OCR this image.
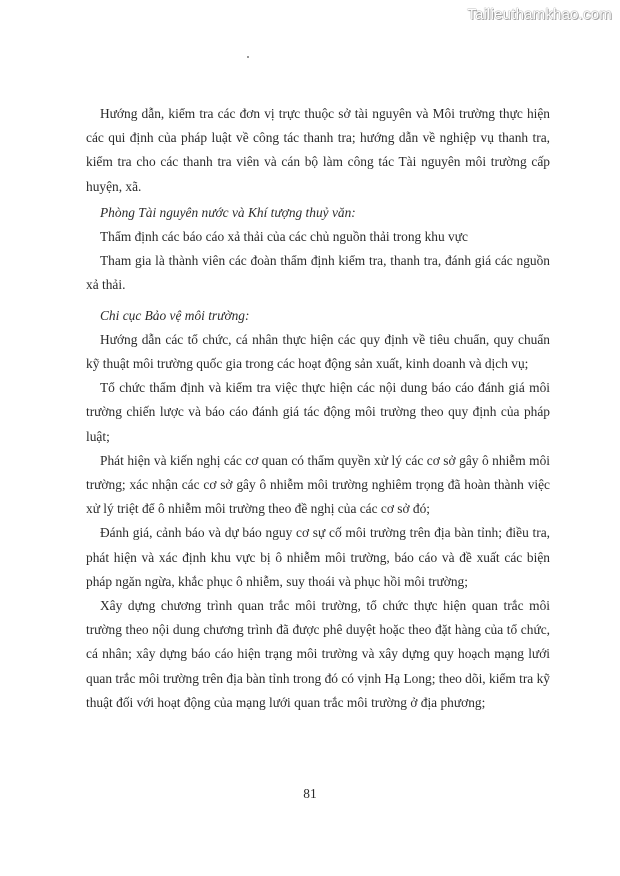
Tailieuthamkhao.com

Hướng dẫn, kiểm tra các đơn vị trực thuộc sở tài nguyên và Môi trường thực hiện các qui định của pháp luật về công tác thanh tra; hướng dẫn về nghiệp vụ thanh tra, kiểm tra cho các thanh tra viên và cán bộ làm công tác Tài nguyên môi trường cấp huyện, xã.

Phòng Tài nguyên nước và Khí tượng thuỷ văn:

Thẩm định các báo cáo xả thải của các chủ nguồn thải trong khu vực

Tham gia là thành viên các đoàn thẩm định kiểm tra, thanh tra, đánh giá các nguồn xả thải.

Chi cục Bảo vệ môi trường:

Hướng dẫn các tổ chức, cá nhân thực hiện các quy định về tiêu chuẩn, quy chuẩn kỹ thuật môi trường quốc gia trong các hoạt động sản xuất, kinh doanh và dịch vụ;

Tổ chức thẩm định và kiểm tra việc thực hiện các nội dung báo cáo đánh giá môi trường chiến lược và báo cáo đánh giá tác động môi trường theo quy định của pháp luật;

Phát hiện và kiến nghị các cơ quan có thẩm quyền xử lý các cơ sở gây ô nhiễm môi trường; xác nhận các cơ sở gây ô nhiễm môi trường nghiêm trọng đã hoàn thành việc xử lý triệt để ô nhiễm môi trường theo đề nghị của các cơ sở đó;

Đánh giá, cảnh báo và dự báo nguy cơ sự cố môi trường trên địa bàn tỉnh; điều tra, phát hiện và xác định khu vực bị ô nhiễm môi trường, báo cáo và đề xuất các biện pháp ngăn ngừa, khắc phục ô nhiễm, suy thoái và phục hồi môi trường;

Xây dựng chương trình quan trắc môi trường, tổ chức thực hiện quan trắc môi trường theo nội dung chương trình đã được phê duyệt hoặc theo đặt hàng của tổ chức, cá nhân; xây dựng báo cáo hiện trạng môi trường và xây dựng quy hoạch mạng lưới quan trắc môi trường trên địa bàn tỉnh trong đó có vịnh Hạ Long; theo dõi, kiểm tra kỹ thuật đối với hoạt động của mạng lưới quan trắc môi trường ở địa phương;

81
